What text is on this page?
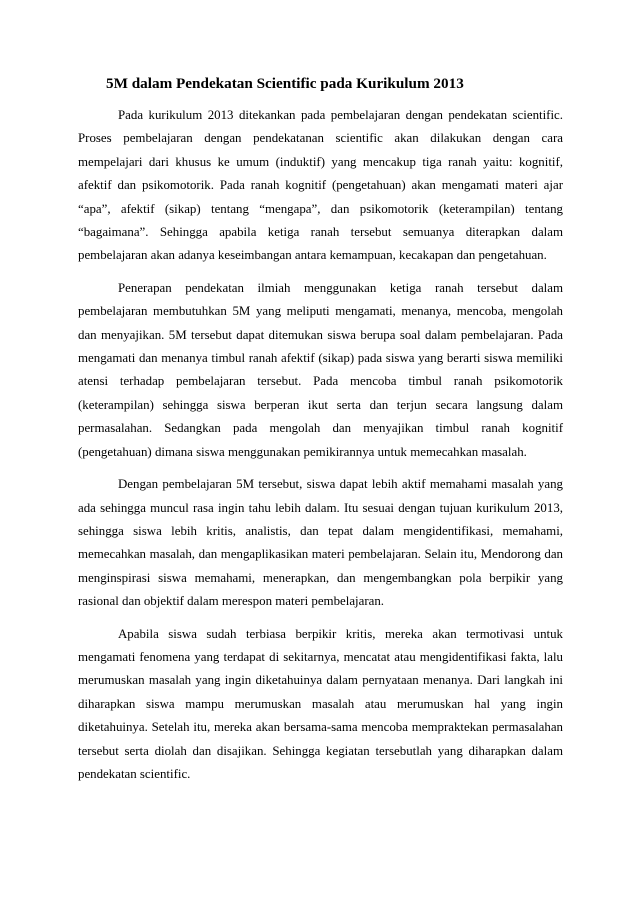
5M dalam Pendekatan Scientific pada Kurikulum 2013

Pada kurikulum 2013 ditekankan pada pembelajaran dengan pendekatan scientific. Proses pembelajaran dengan pendekatanan scientific akan dilakukan dengan cara mempelajari dari khusus ke umum (induktif) yang mencakup tiga ranah yaitu: kognitif, afektif dan psikomotorik. Pada ranah kognitif (pengetahuan) akan mengamati materi ajar “apa”, afektif (sikap) tentang “mengapa”, dan psikomotorik (keterampilan) tentang “bagaimana”. Sehingga apabila ketiga ranah tersebut semuanya diterapkan dalam pembelajaran akan adanya keseimbangan antara kemampuan, kecakapan dan pengetahuan.

Penerapan pendekatan ilmiah menggunakan ketiga ranah tersebut dalam pembelajaran membutuhkan 5M yang meliputi mengamati, menanya, mencoba, mengolah dan menyajikan. 5M tersebut dapat ditemukan siswa berupa soal dalam pembelajaran. Pada mengamati dan menanya timbul ranah afektif (sikap) pada siswa yang berarti siswa memiliki atensi terhadap pembelajaran tersebut. Pada mencoba timbul ranah psikomotorik (keterampilan) sehingga siswa berperan ikut serta dan terjun secara langsung dalam permasalahan. Sedangkan pada mengolah dan menyajikan timbul ranah kognitif (pengetahuan) dimana siswa menggunakan pemikirannya untuk memecahkan masalah.

Dengan pembelajaran 5M tersebut, siswa dapat lebih aktif memahami masalah yang ada sehingga muncul rasa ingin tahu lebih dalam. Itu sesuai dengan tujuan kurikulum 2013, sehingga siswa lebih kritis, analistis, dan tepat dalam mengidentifikasi, memahami, memecahkan masalah, dan mengaplikasikan materi pembelajaran. Selain itu, Mendorong dan menginspirasi siswa memahami, menerapkan, dan mengembangkan pola berpikir yang rasional dan objektif dalam merespon materi pembelajaran.

Apabila siswa sudah terbiasa berpikir kritis, mereka akan termotivasi untuk mengamati fenomena yang terdapat di sekitarnya, mencatat atau mengidentifikasi fakta, lalu merumuskan masalah yang ingin diketahuinya dalam pernyataan menanya. Dari langkah ini diharapkan siswa mampu merumuskan masalah atau merumuskan hal yang ingin diketahuinya. Setelah itu, mereka akan bersama-sama mencoba mempraktekan permasalahan tersebut serta diolah dan disajikan. Sehingga kegiatan tersebutlah yang diharapkan dalam pendekatan scientific.
